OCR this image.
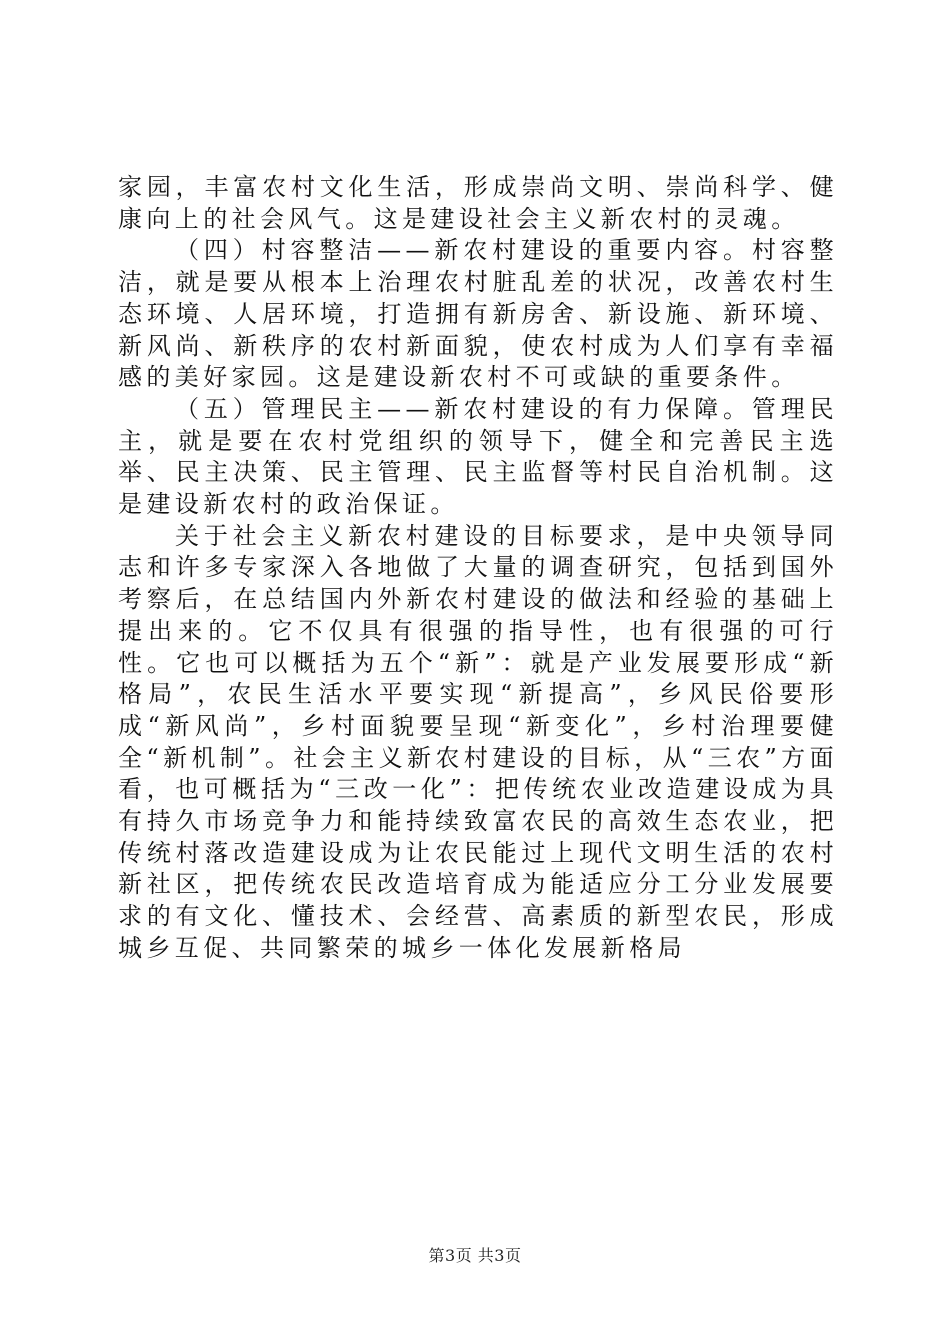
家园，丰富农村文化生活，形成崇尚文明、崇尚科学、健康向上的社会风气。这是建设社会主义新农村的灵魂。

（四）村容整洁——新农村建设的重要内容。村容整洁，就是要从根本上治理农村脏乱差的状况，改善农村生态环境、人居环境，打造拥有新房舍、新设施、新环境、新风尚、新秩序的农村新面貌，使农村成为人们享有幸福感的美好家园。这是建设新农村不可或缺的重要条件。

（五）管理民主——新农村建设的有力保障。管理民主，就是要在农村党组织的领导下，健全和完善民主选举、民主决策、民主管理、民主监督等村民自治机制。这是建设新农村的政治保证。

关于社会主义新农村建设的目标要求，是中央领导同志和许多专家深入各地做了大量的调查研究，包括到国外考察后，在总结国内外新农村建设的做法和经验的基础上提出来的。它不仅具有很强的指导性，也有很强的可行性。它也可以概括为五个“新”：就是产业发展要形成“新格局”，农民生活水平要实现“新提高”，乡风民俗要形成“新风尚”，乡村面貌要呈现“新变化”，乡村治理要健全“新机制”。社会主义新农村建设的目标，从“三农”方面看，也可概括为“三改一化”：把传统农业改造建设成为具有持久市场竞争力和能持续致富农民的高效生态农业，把传统村落改造建设成为让农民能过上现代文明生活的农村新社区，把传统农民改造培育成为能适应分工分业发展要求的有文化、懂技术、会经营、高素质的新型农民，形成城乡互促、共同繁荣的城乡一体化发展新格局

第3页 共3页
